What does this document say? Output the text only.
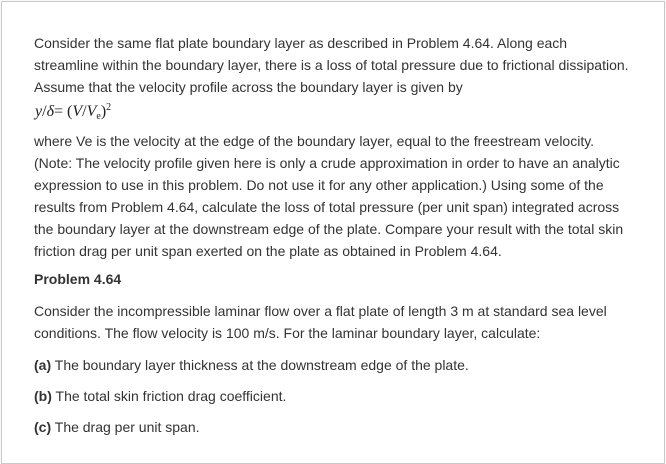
Consider the same flat plate boundary layer as described in Problem 4.64. Along each streamline within the boundary layer, there is a loss of total pressure due to frictional dissipation. Assume that the velocity profile across the boundary layer is given by

$y/\delta= (V/V_e)^2$

where Ve is the velocity at the edge of the boundary layer, equal to the freestream velocity. (Note: The velocity profile given here is only a crude approximation in order to have an analytic expression to use in this problem. Do not use it for any other application.) Using some of the results from Problem 4.64, calculate the loss of total pressure (per unit span) integrated across the boundary layer at the downstream edge of the plate. Compare your result with the total skin friction drag per unit span exerted on the plate as obtained in Problem 4.64.

Problem 4.64

Consider the incompressible laminar flow over a flat plate of length 3 m at standard sea level conditions. The flow velocity is 100 m/s. For the laminar boundary layer, calculate:

(a) The boundary layer thickness at the downstream edge of the plate.

(b) The total skin friction drag coefficient.

(c) The drag per unit span.
